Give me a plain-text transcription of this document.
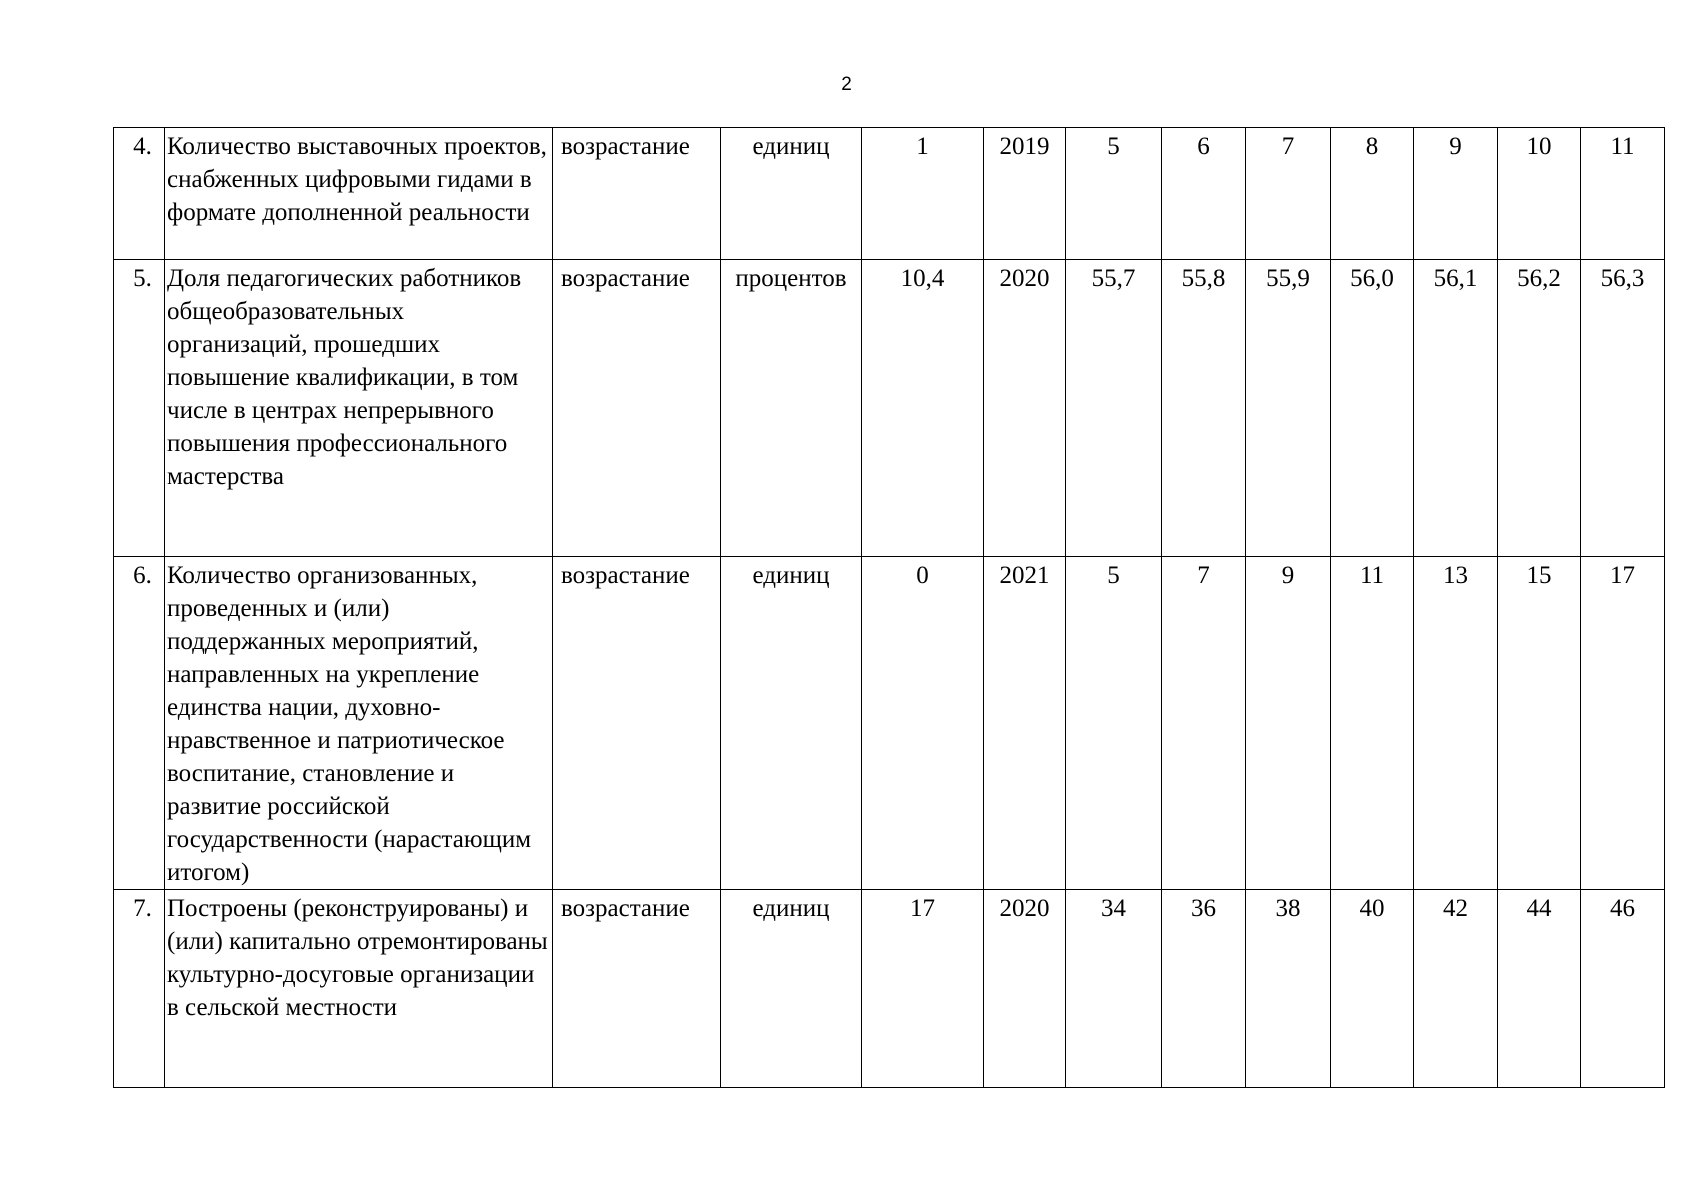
2
4.	Количество выставочных проектов, снабженных цифровыми гидами в формате дополненной реальности	возрастание	единиц	1	2019	5	6	7	8	9	10	11
5.	Доля педагогических работников общеобразовательных организаций, прошедших повышение квалификации, в том числе в центрах непрерывного повышения профессионального мастерства	возрастание	процентов	10,4	2020	55,7	55,8	55,9	56,0	56,1	56,2	56,3
6.	Количество организованных, проведенных и (или) поддержанных мероприятий, направленных на укрепление единства нации, духовно-нравственное и патриотическое воспитание, становление и развитие российской государственности (нарастающим итогом)	возрастание	единиц	0	2021	5	7	9	11	13	15	17
7.	Построены (реконструированы) и (или) капитально отремонтированы культурно-досуговые организации в сельской местности	возрастание	единиц	17	2020	34	36	38	40	42	44	46
